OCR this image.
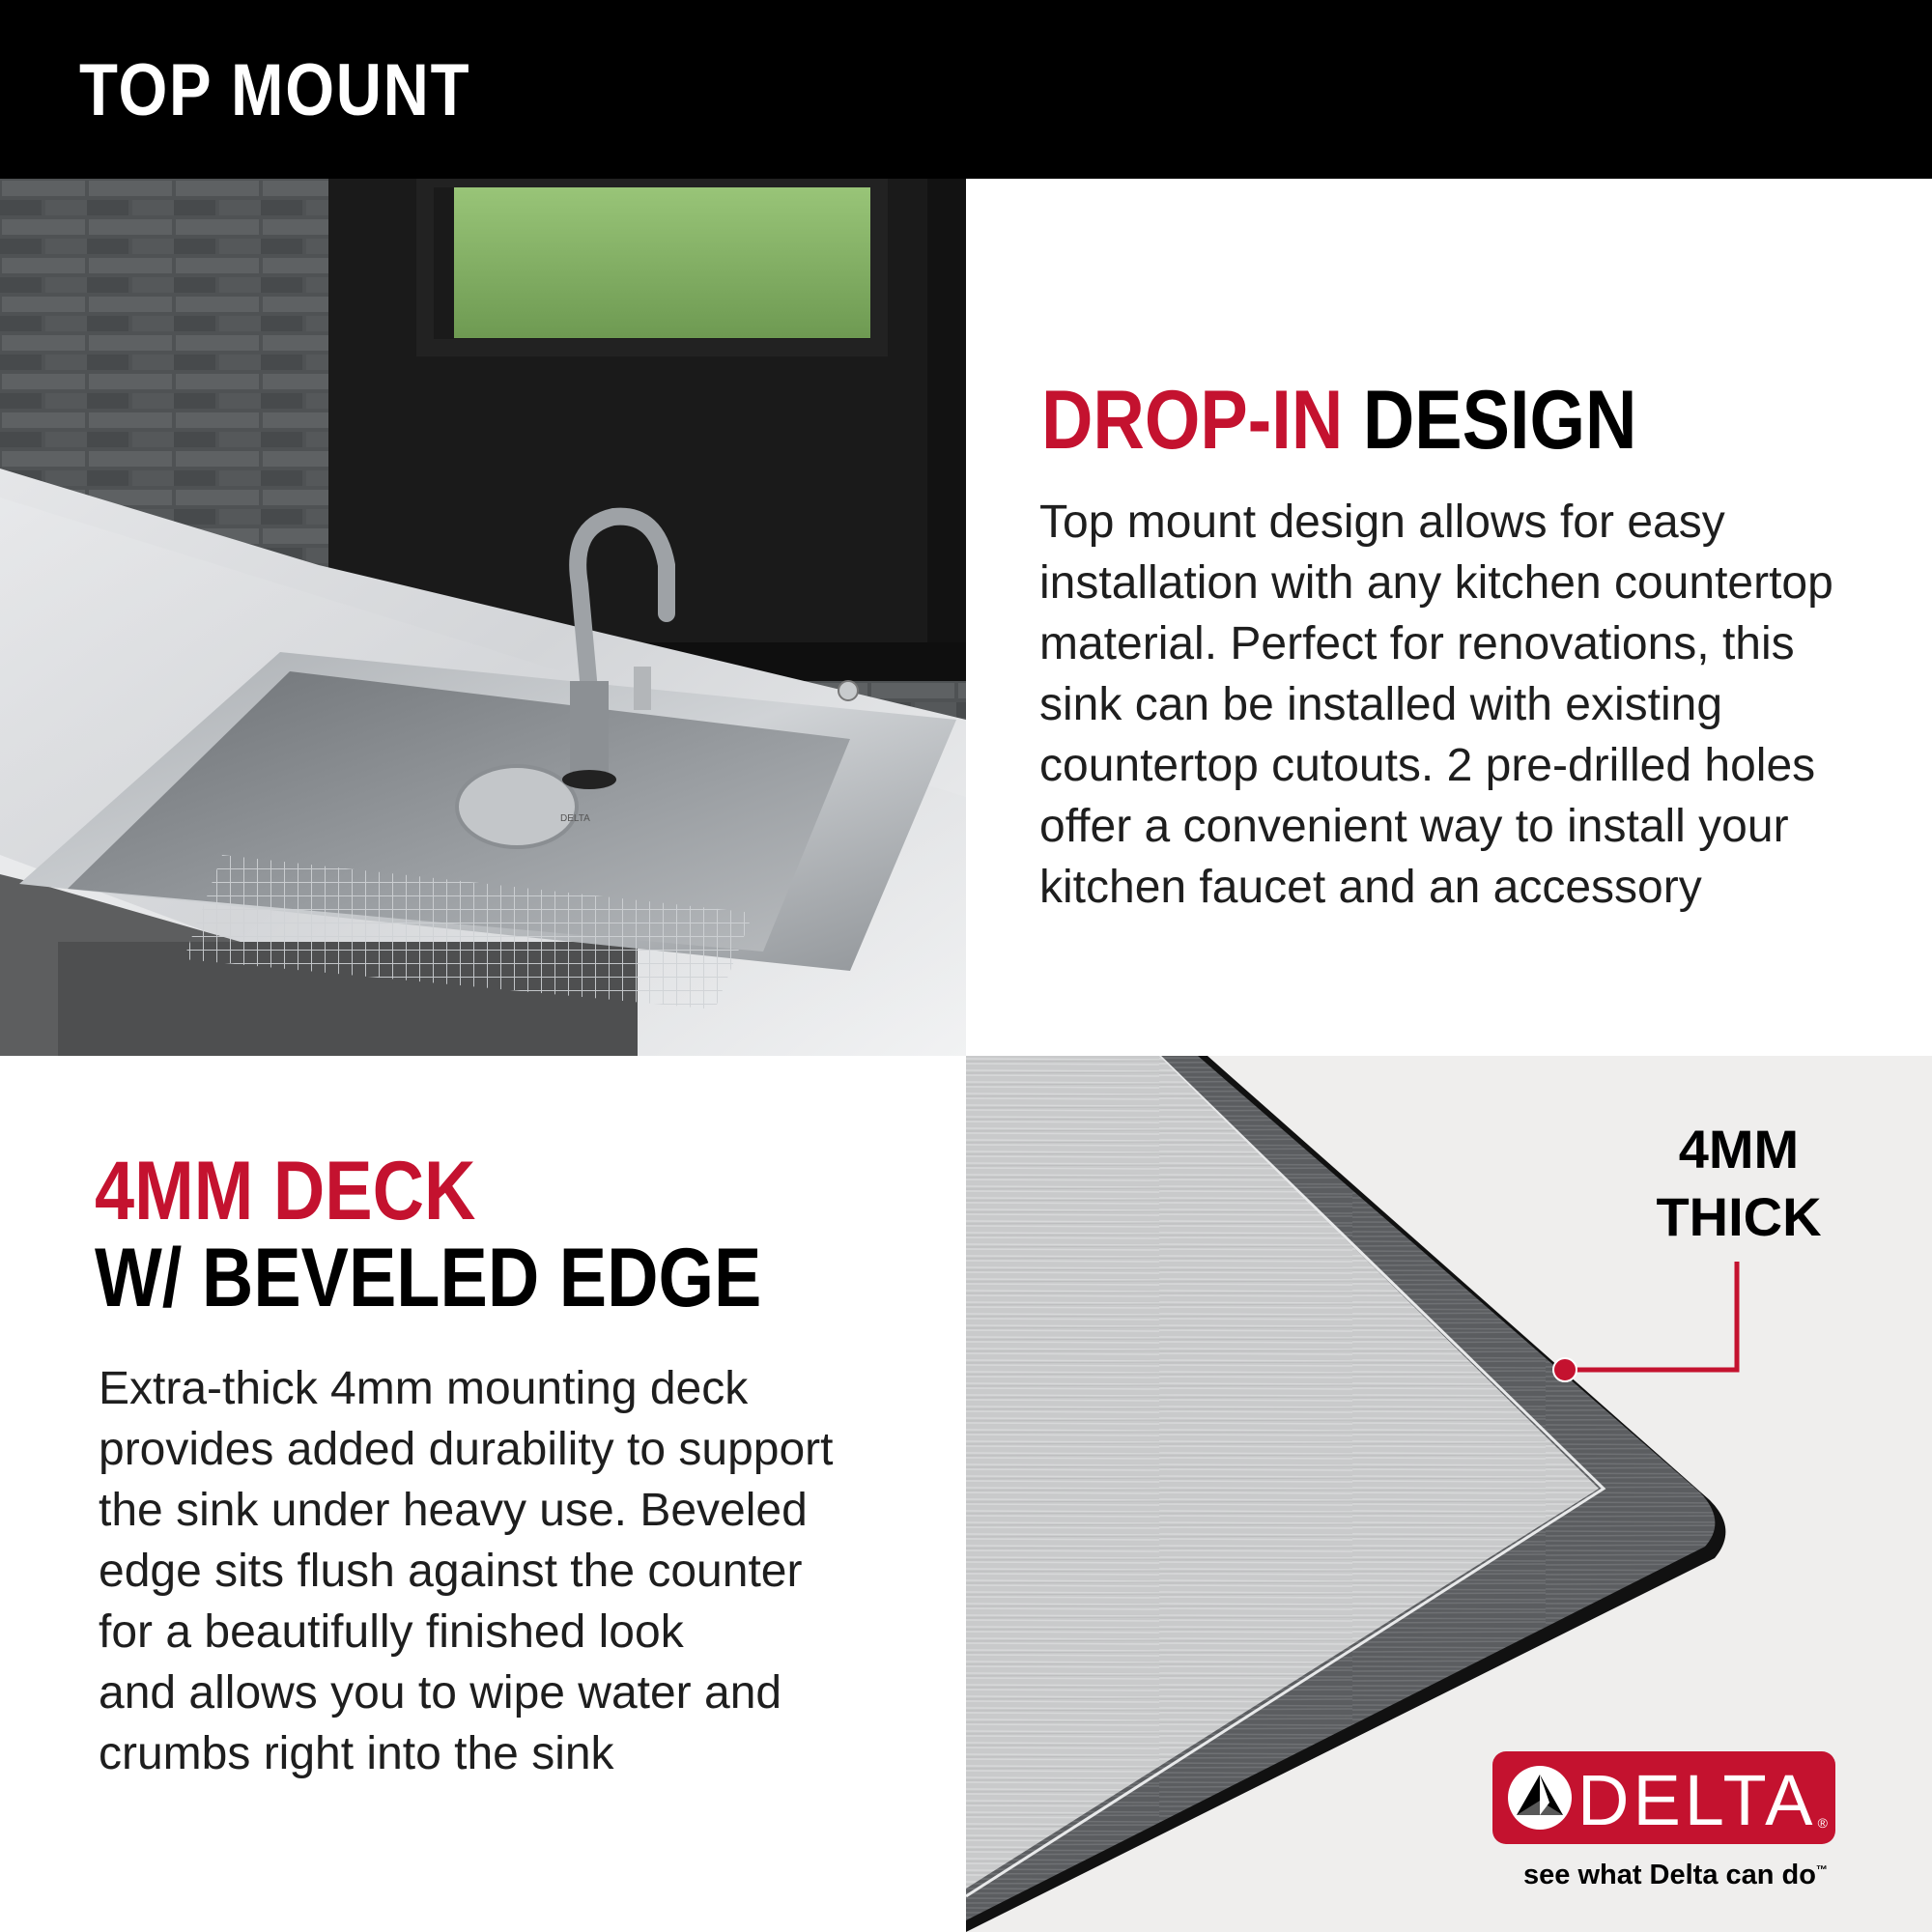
TOP MOUNT
DELTA
DROP-IN DESIGN
Top mount design allows for easy
installation with any kitchen countertop
material. Perfect for renovations, this
sink can be installed with existing
countertop cutouts. 2 pre-drilled holes
offer a convenient way to install your
kitchen faucet and an accessory
4MM DECK
W/ BEVELED EDGE
Extra-thick 4mm mounting deck
provides added durability to support
the sink under heavy use. Beveled
edge sits flush against the counter
for a beautifully finished look
and allows you to wipe water and
crumbs right into the sink
4MM
THICK
DELTA ®
see what Delta can do™
